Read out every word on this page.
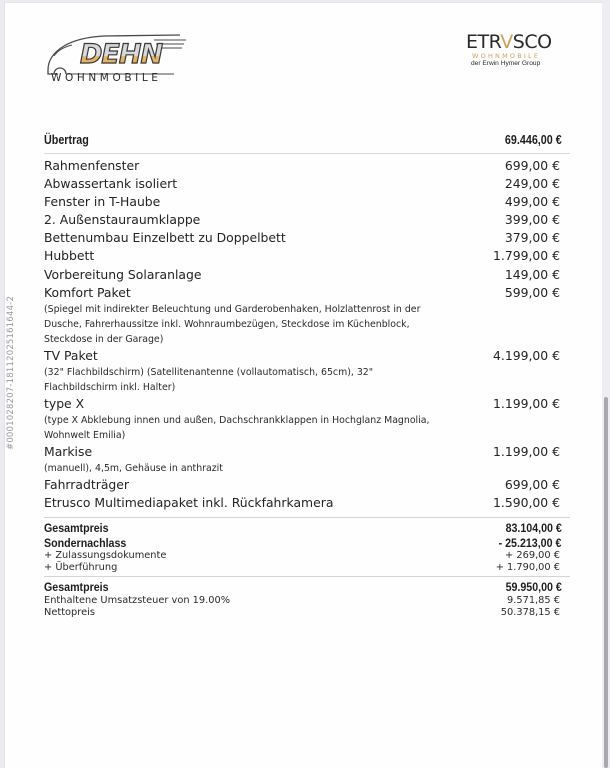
#0001028207-18112025161644-2
DEHN
WOHNMOBILE
ETRVSCO
WOHNMOBILE
der Erwin Hymer Group
Übertrag	69.446,00 €
Rahmenfenster	699,00 €
Abwassertank isoliert	249,00 €
Fenster in T-Haube	499,00 €
2. Außenstauraumklappe	399,00 €
Bettenumbau Einzelbett zu Doppelbett	379,00 €
Hubbett	1.799,00 €
Vorbereitung Solaranlage	149,00 €
Komfort Paket	599,00 €
(Spiegel mit indirekter Beleuchtung und Garderobenhaken, Holzlattenrost in der Dusche, Fahrerhaussitze inkl. Wohnraumbezügen, Steckdose im Küchenblock, Steckdose in der Garage)
TV Paket	4.199,00 €
(32" Flachbildschirm) (Satellitenantenne (vollautomatisch, 65cm), 32" Flachbildschirm inkl. Halter)
type X	1.199,00 €
(type X Abklebung innen und außen, Dachschrankklappen in Hochglanz Magnolia, Wohnwelt Emilia)
Markise	1.199,00 €
(manuell), 4,5m, Gehäuse in anthrazit
Fahrradträger	699,00 €
Etrusco Multimediapaket inkl. Rückfahrkamera	1.590,00 €
Gesamtpreis	83.104,00 €
Sondernachlass	- 25.213,00 €
+ Zulassungsdokumente	+ 269,00 €
+ Überführung	+ 1.790,00 €
Gesamtpreis	59.950,00 €
Enthaltene Umsatzsteuer von 19.00%	9.571,85 €
Nettopreis	50.378,15 €
